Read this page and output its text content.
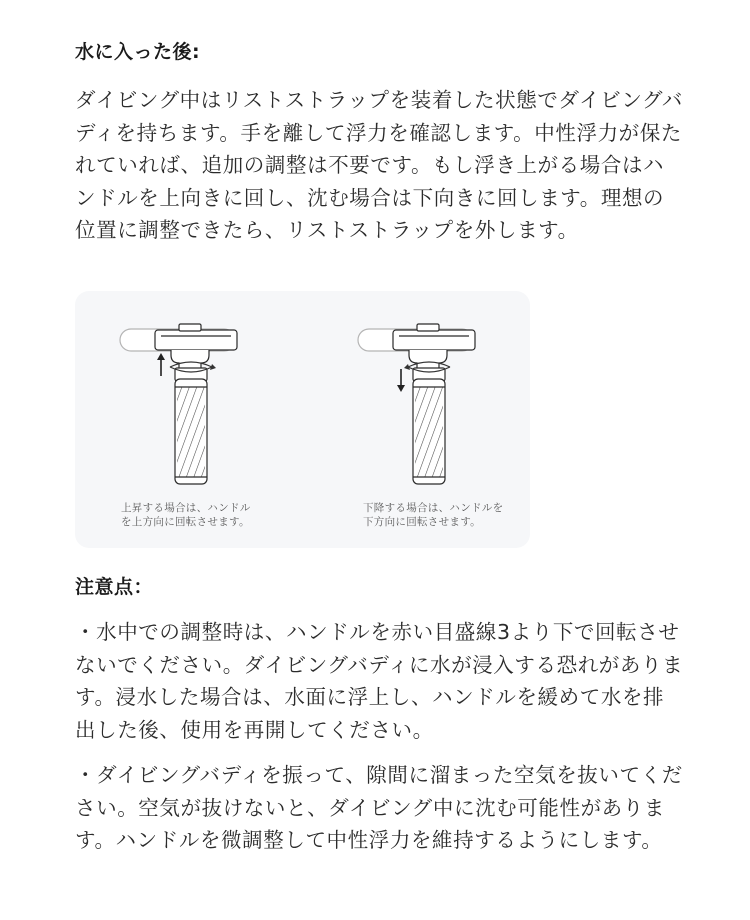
水に入った後:

ダイビング中はリストストラップを装着した状態でダイビングバディを持ちます。手を離して浮力を確認します。中性浮力が保たれていれば、追加の調整は不要です。もし浮き上がる場合はハンドルを上向きに回し、沈む場合は下向きに回します。理想の位置に調整できたら、リストストラップを外します。

上昇する場合は、ハンドル
を上方向に回転させます。
下降する場合は、ハンドルを
下方向に回転させます。
注意点：

・水中での調整時は、ハンドルを赤い目盛線3より下で回転させないでください。ダイビングバディに水が浸入する恐れがあります。浸水した場合は、水面に浮上し、ハンドルを緩めて水を排出した後、使用を再開してください。

・ダイビングバディを振って、隙間に溜まった空気を抜いてください。空気が抜けないと、ダイビング中に沈む可能性があります。ハンドルを微調整して中性浮力を維持するようにします。
